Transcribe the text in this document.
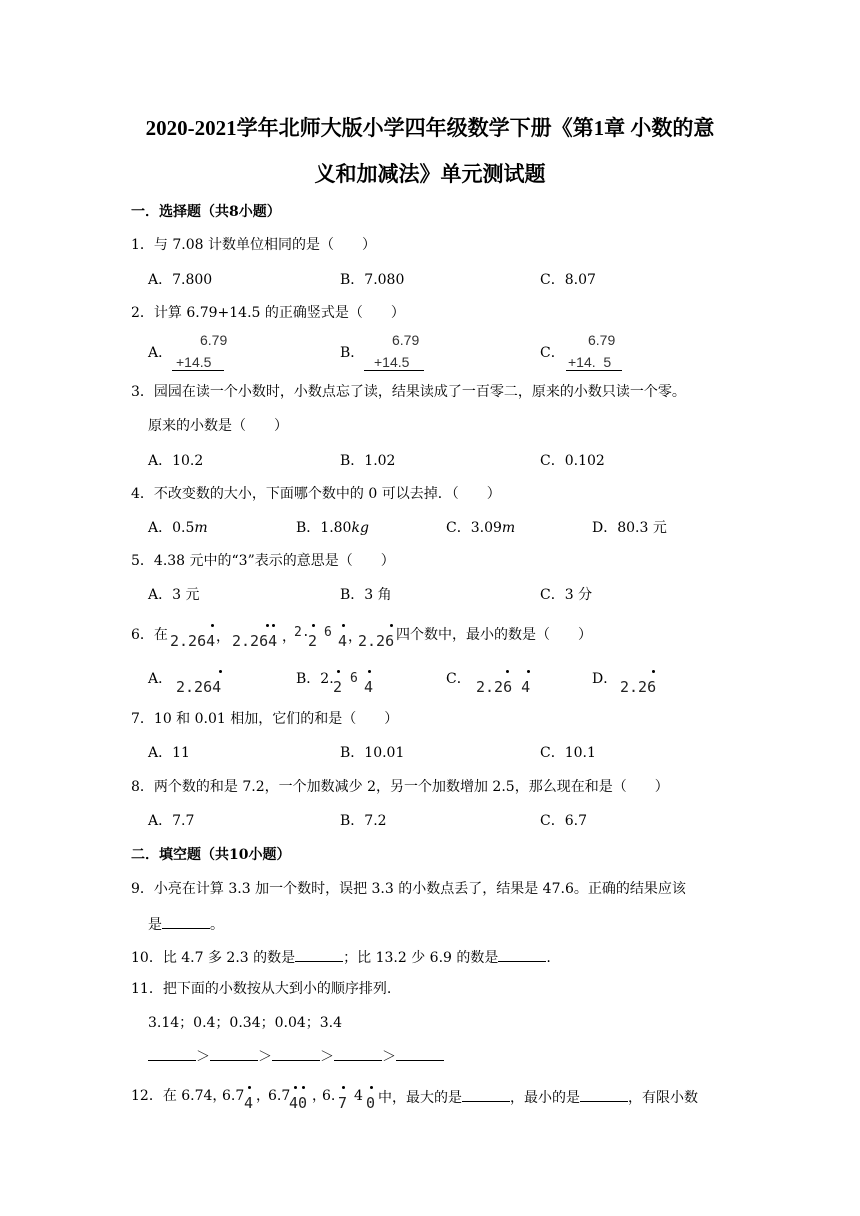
2020-2021学年北师大版小学四年级数学下册《第1章 小数的意
义和加减法》单元测试题
一．选择题（共8小题）
1．与 7.08 计数单位相同的是（　　）
A．7.800	B．7.080	C．8.07
2．计算 6.79+14.5 的正确竖式是（　　）
A．
6.79
+14.5
B．
6.79
+14.5
C．
6.79
+14.  5
3．园园在读一个小数时，小数点忘了读，结果读成了一百零二，原来的小数只读一个零。
原来的小数是（　　）
A．10.2	B．1.02	C．0.102
4．不改变数的大小，下面哪个数中的 0 可以去掉．（　　）
A．0.5m	B．1.80kg	C．3.09m	D．80.3 元
5．4.38 元中的“3”表示的意思是（　　）
A．3 元	B．3 角	C．3 分
6．在 2.264 ， 2.264 ，
2.
2 6 4 ，
2.26 四个数中，最小的数是（　　）
A． 2.264	B．2. 2 6 4	C． 2.26 4	D． 2.26
7．10 和 0.01 相加，它们的和是（　　）
A．11	B．10.01	C．10.1
8．两个数的和是 7.2，一个加数减少 2，另一个加数增加 2.5，那么现在和是（　　）
A．7.7	B．7.2	C．6.7
二．填空题（共10小题）
9．小亮在计算 3.3 加一个数时，误把 3.3 的小数点丢了，结果是 47.6。正确的结果应该
是	。
10．比 4.7 多 2.3 的数是	；比 13.2 少 6.9 的数是	.
11．把下面的小数按从大到小的顺序排列.
3.14；0.4；0.34；0.04；3.4
＞	＞	＞	＞
12．在 6.74，
6.7 4 ，
6.7
40 ，
6. 7 4 0 中，最大的是	，最小的是	，有限小数
